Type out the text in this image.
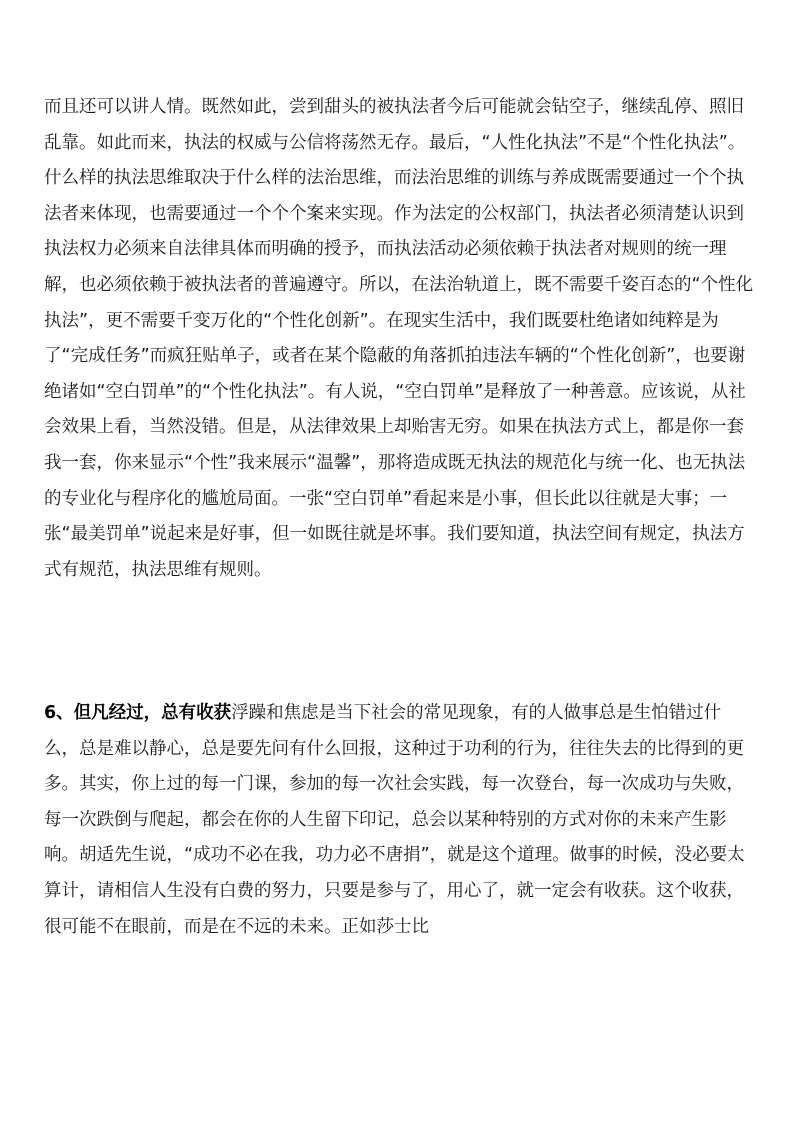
而且还可以讲人情。既然如此，尝到甜头的被执法者今后可能就会钻空子，继续乱停、照旧乱靠。如此而来，执法的权威与公信将荡然无存。最后，“人性化执法”不是“个性化执法”。什么样的执法思维取决于什么样的法治思维，而法治思维的训练与养成既需要通过一个个执法者来体现，也需要通过一个个个案来实现。作为法定的公权部门，执法者必须清楚认识到执法权力必须来自法律具体而明确的授予，而执法活动必须依赖于执法者对规则的统一理解，也必须依赖于被执法者的普遍遵守。所以，在法治轨道上，既不需要千姿百态的“个性化执法”，更不需要千变万化的“个性化创新”。在现实生活中，我们既要杜绝诸如纯粹是为了“完成任务”而疯狂贴单子，或者在某个隐蔽的角落抓拍违法车辆的“个性化创新”，也要谢绝诸如“空白罚单”的“个性化执法”。有人说，“空白罚单”是释放了一种善意。应该说，从社会效果上看，当然没错。但是，从法律效果上却贻害无穷。如果在执法方式上，都是你一套我一套，你来显示“个性”我来展示“温馨”，那将造成既无执法的规范化与统一化、也无执法的专业化与程序化的尴尬局面。一张“空白罚单”看起来是小事，但长此以往就是大事；一张“最美罚单”说起来是好事，但一如既往就是坏事。我们要知道，执法空间有规定，执法方式有规范，执法思维有规则。

6、但凡经过，总有收获浮躁和焦虑是当下社会的常见现象，有的人做事总是生怕错过什么，总是难以静心，总是要先问有什么回报，这种过于功利的行为，往往失去的比得到的更多。其实，你上过的每一门课，参加的每一次社会实践，每一次登台，每一次成功与失败，每一次跌倒与爬起，都会在你的人生留下印记，总会以某种特别的方式对你的未来产生影响。胡适先生说，“成功不必在我，功力必不唐捐”，就是这个道理。做事的时候，没必要太算计，请相信人生没有白费的努力，只要是参与了，用心了，就一定会有收获。这个收获，很可能不在眼前，而是在不远的未来。正如莎士比
